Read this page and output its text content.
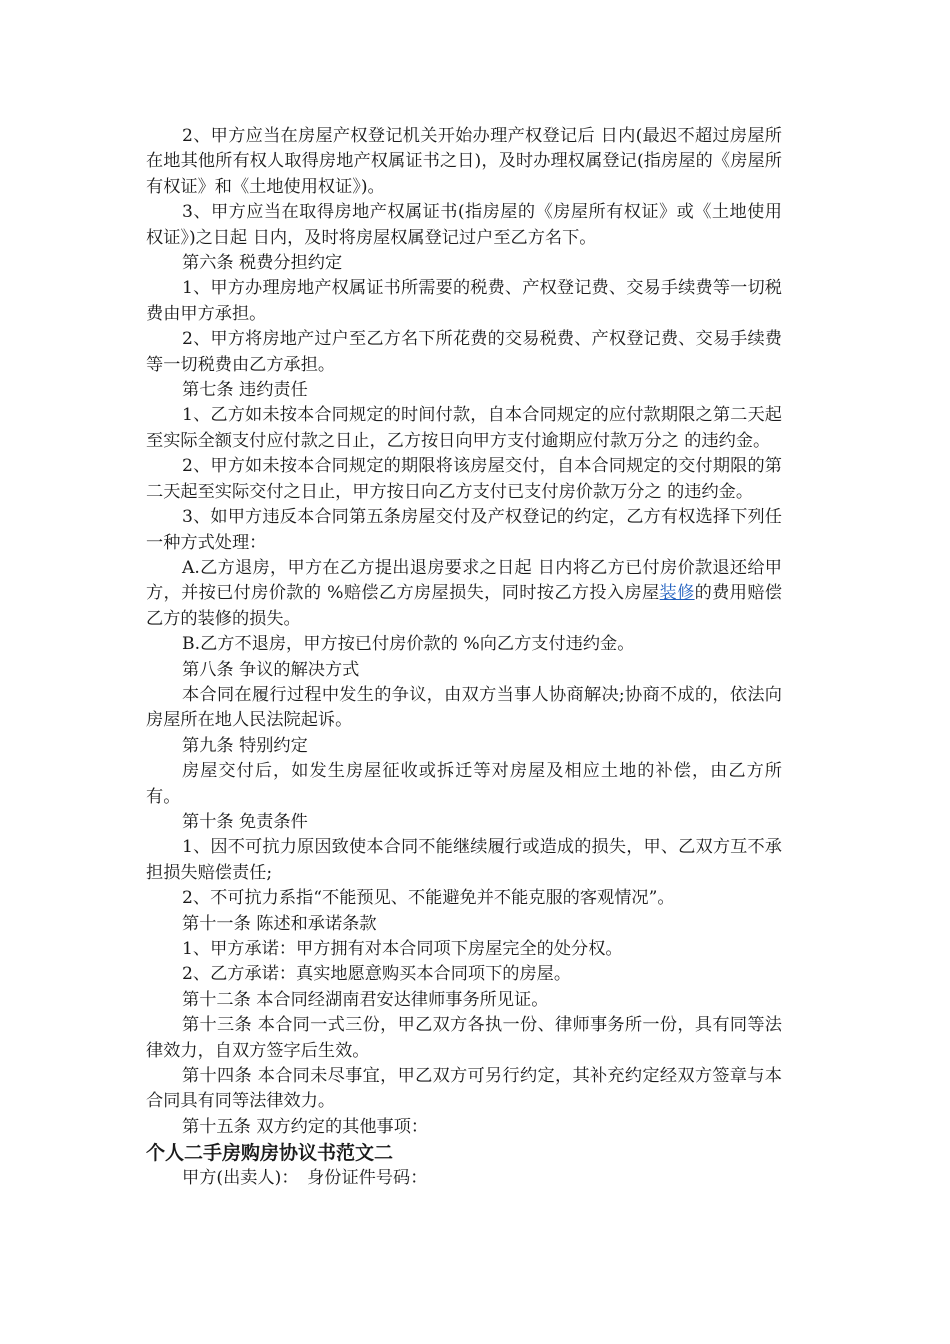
2、甲方应当在房屋产权登记机关开始办理产权登记后 日内(最迟不超过房屋所在地其他所有权人取得房地产权属证书之日)，及时办理权属登记(指房屋的《房屋所有权证》和《土地使用权证》)。

3、甲方应当在取得房地产权属证书(指房屋的《房屋所有权证》或《土地使用权证》)之日起 日内，及时将房屋权属登记过户至乙方名下。

第六条 税费分担约定

1、甲方办理房地产权属证书所需要的税费、产权登记费、交易手续费等一切税费由甲方承担。

2、甲方将房地产过户至乙方名下所花费的交易税费、产权登记费、交易手续费等一切税费由乙方承担。

第七条 违约责任

1、乙方如未按本合同规定的时间付款，自本合同规定的应付款期限之第二天起至实际全额支付应付款之日止，乙方按日向甲方支付逾期应付款万分之 的违约金。

2、甲方如未按本合同规定的期限将该房屋交付，自本合同规定的交付期限的第二天起至实际交付之日止，甲方按日向乙方支付已支付房价款万分之 的违约金。

3、如甲方违反本合同第五条房屋交付及产权登记的约定，乙方有权选择下列任一种方式处理：

A.乙方退房，甲方在乙方提出退房要求之日起 日内将乙方已付房价款退还给甲方，并按已付房价款的 %赔偿乙方房屋损失，同时按乙方投入房屋装修的费用赔偿乙方的装修的损失。

B.乙方不退房，甲方按已付房价款的 %向乙方支付违约金。

第八条 争议的解决方式

本合同在履行过程中发生的争议，由双方当事人协商解决;协商不成的，依法向房屋所在地人民法院起诉。

第九条 特别约定

房屋交付后，如发生房屋征收或拆迁等对房屋及相应土地的补偿，由乙方所有。

第十条 免责条件

1、因不可抗力原因致使本合同不能继续履行或造成的损失，甲、乙双方互不承担损失赔偿责任;

2、不可抗力系指“不能预见、不能避免并不能克服的客观情况”。

第十一条 陈述和承诺条款

1、甲方承诺：甲方拥有对本合同项下房屋完全的处分权。

2、乙方承诺：真实地愿意购买本合同项下的房屋。

第十二条 本合同经湖南君安达律师事务所见证。

第十三条 本合同一式三份，甲乙双方各执一份、律师事务所一份，具有同等法律效力，自双方签字后生效。

第十四条 本合同未尽事宜，甲乙双方可另行约定，其补充约定经双方签章与本合同具有同等法律效力。

第十五条 双方约定的其他事项：

个人二手房购房协议书范文二

甲方(出卖人)：　身份证件号码：
